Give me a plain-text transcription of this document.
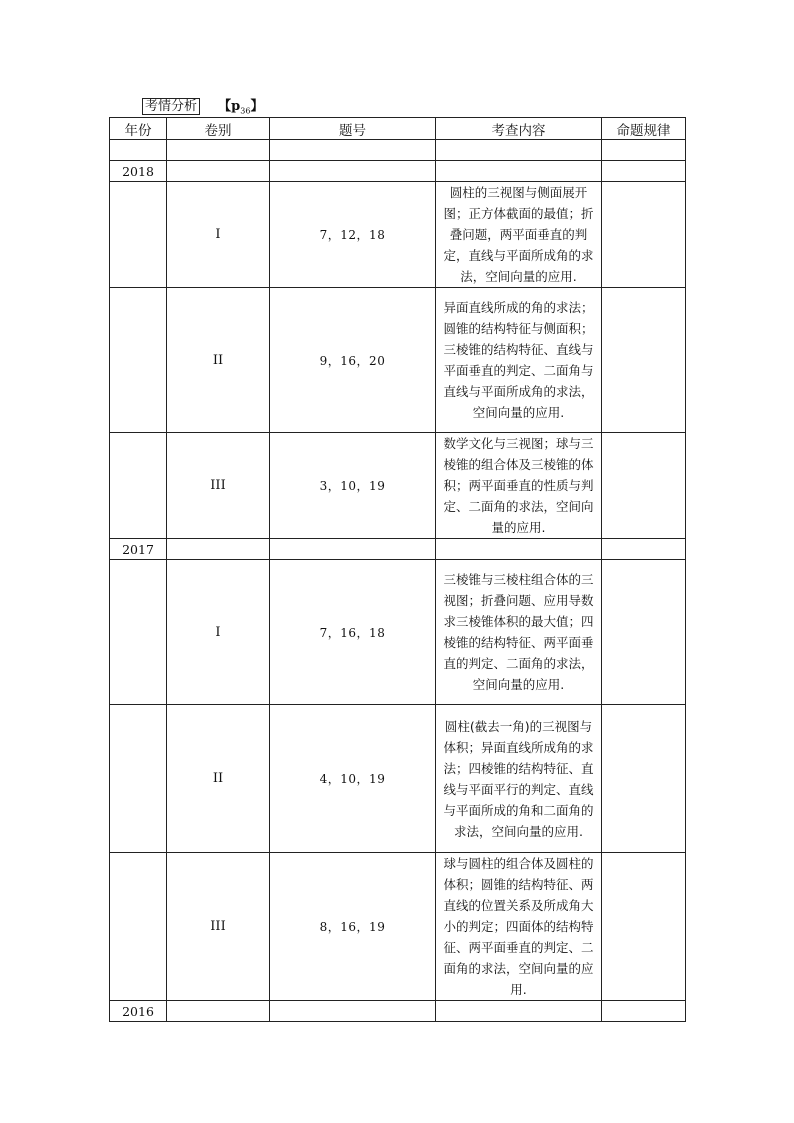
考情分析 【$p_{36}$】
年份	卷别	题号	考查内容	命题规律

2018				
	I	7，12，18	圆柱的三视图与侧面展开图；正方体截面的最值；折叠问题，两平面垂直的判定，直线与平面所成角的求法，空间向量的应用.	
	II	9，16，20	异面直线所成的角的求法；圆锥的结构特征与侧面积；三棱锥的结构特征、直线与平面垂直的判定、二面角与直线与平面所成角的求法，空间向量的应用.	
	III	3，10，19	数学文化与三视图；球与三棱锥的组合体及三棱锥的体积；两平面垂直的性质与判定、二面角的求法，空间向量的应用.	
2017				
	I	7，16，18	三棱锥与三棱柱组合体的三视图；折叠问题、应用导数求三棱锥体积的最大值；四棱锥的结构特征、两平面垂直的判定、二面角的求法，空间向量的应用.	
	II	4，10，19	圆柱(截去一角)的三视图与体积；异面直线所成角的求法；四棱锥的结构特征、直线与平面平行的判定、直线与平面所成的角和二面角的求法，空间向量的应用.	
	III	8，16，19	球与圆柱的组合体及圆柱的体积；圆锥的结构特征、两直线的位置关系及所成角大小的判定；四面体的结构特征、两平面垂直的判定、二面角的求法，空间向量的应用.	
2016				
